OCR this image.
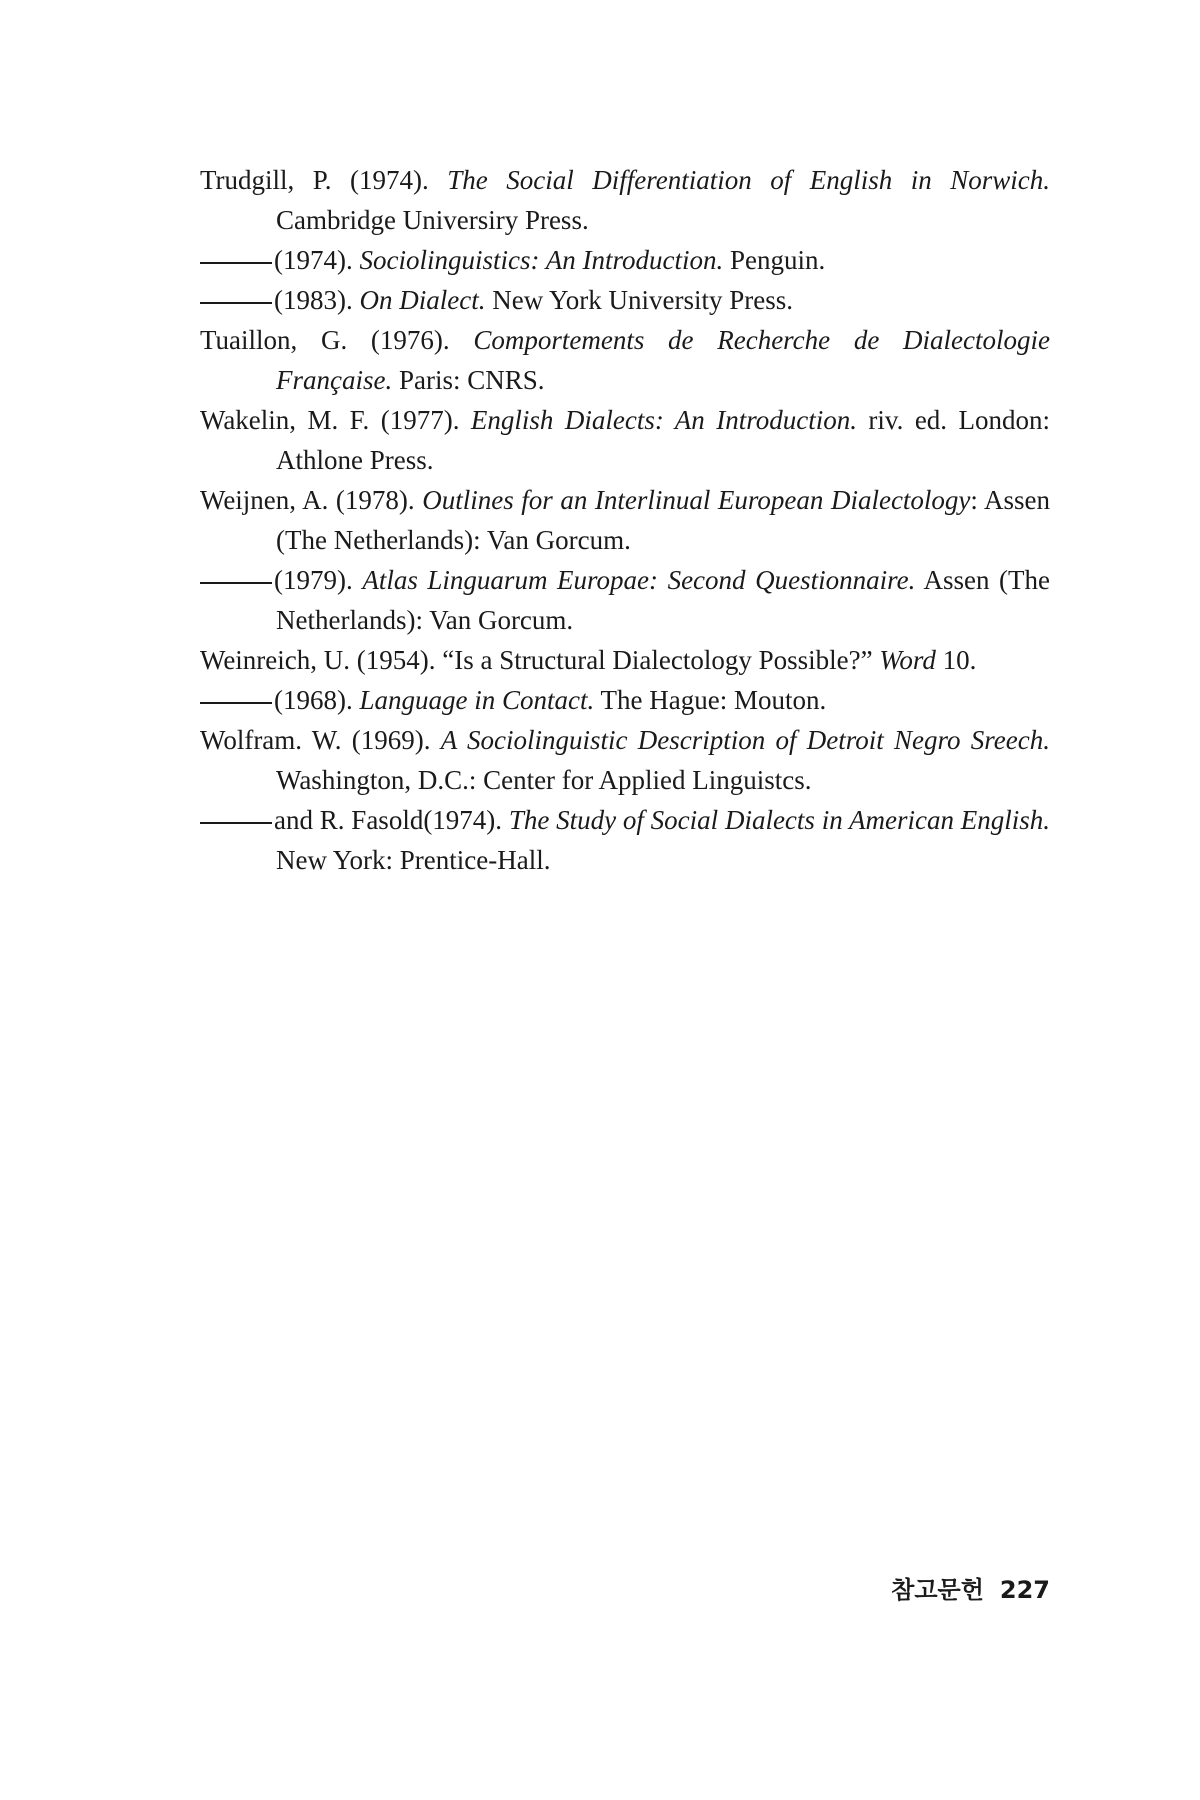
Trudgill, P. (1974). The Social Differentiation of English in Norwich. Cambridge Universiry Press.

(1974). Sociolinguistics: An Introduction. Penguin.

(1983). On Dialect. New York University Press.

Tuaillon, G. (1976). Comportements de Recherche de Dialectologie Française. Paris: CNRS.

Wakelin, M. F. (1977). English Dialects: An Introduction. riv. ed. London: Athlone Press.

Weijnen, A. (1978). Outlines for an Interlinual European Dialectology: Assen (The Netherlands): Van Gorcum.

(1979). Atlas Linguarum Europae: Second Questionnaire. Assen (The Netherlands): Van Gorcum.

Weinreich, U. (1954). “Is a Structural Dialectology Possible?” Word 10.

(1968). Language in Contact. The Hague: Mouton.

Wolfram. W. (1969). A Sociolinguistic Description of Detroit Negro Sreech. Washington, D.C.: Center for Applied Linguistcs.

and R. Fasold(1974). The Study of Social Dialects in American English. New York: Prentice-Hall.

참고문헌 227
